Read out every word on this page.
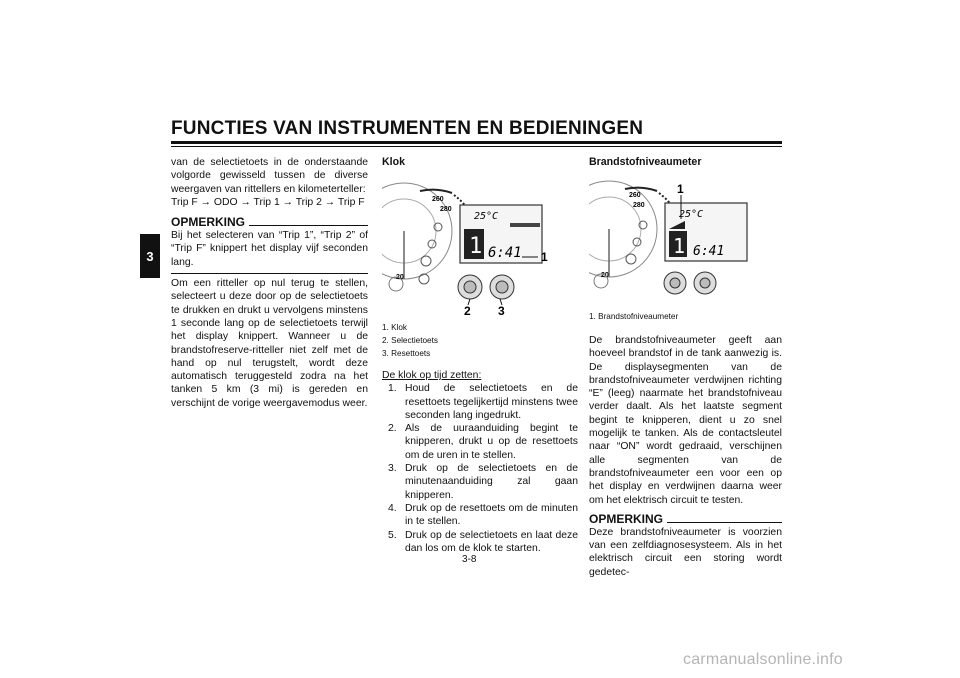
FUNCTIES VAN INSTRUMENTEN EN BEDIENINGEN
3

van de selectietoets in de onderstaande volgorde gewisseld tussen de diverse weergaven van rittellers en kilometerteller:

Trip F → ODO → Trip 1 → Trip 2 → Trip F

OPMERKING

Bij het selecteren van “Trip 1”, “Trip 2” of “Trip F” knippert het display vijf seconden lang.

Om een ritteller op nul terug te stellen, selecteert u deze door op de selectietoets te drukken en drukt u vervolgens minstens 1 seconde lang op de selectietoets terwijl het display knippert. Wanneer u de brandstofreserve-ritteller niet zelf met de hand op nul terugstelt, wordt deze automatisch teruggesteld zodra na het tanken 5 km (3 mi) is gereden en verschijnt de vorige weergavemodus weer.

Klok

260
280
20
25°C
1 6:41 1
2 3
1. Klok
2. Selectietoets
3. Resettoets

De klok op tijd zetten:

1. Houd de selectietoets en de resettoets tegelijkertijd minstens twee seconden lang ingedrukt.
2. Als de uuraanduiding begint te knipperen, drukt u op de resettoets om de uren in te stellen.
3. Druk op de selectietoets en de minutenaanduiding zal gaan knipperen.
4. Druk op de resettoets om de minuten in te stellen.
5. Druk op de selectietoets en laat deze dan los om de klok te starten.

Brandstofniveaumeter

260
280
20
25°C
1 6:41
1
1. Brandstofniveaumeter

De brandstofniveaumeter geeft aan hoeveel brandstof in de tank aanwezig is. De displaysegmenten van de brandstofniveaumeter verdwijnen richting “E” (leeg) naarmate het brandstofniveau verder daalt. Als het laatste segment begint te knipperen, dient u zo snel mogelijk te tanken. Als de contactsleutel naar “ON” wordt gedraaid, verschijnen alle segmenten van de brandstofniveaumeter een voor een op het display en verdwijnen daarna weer om het elektrisch circuit te testen.

OPMERKING

Deze brandstofniveaumeter is voorzien van een zelfdiagnosesysteem. Als in het elektrisch circuit een storing wordt gedetec-

3-8
carmanualsonline.info
